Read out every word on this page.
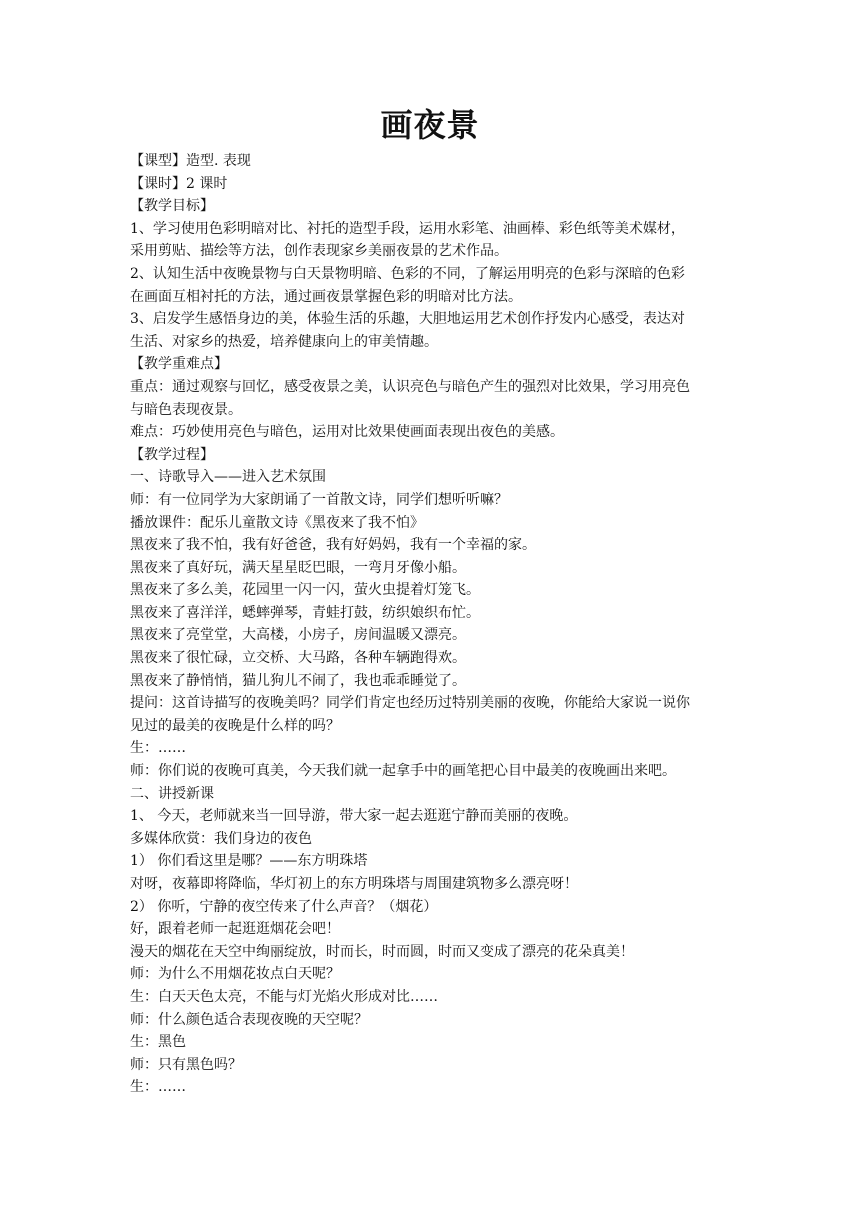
画夜景

【课型】造型. 表现

【课时】2 课时

【教学目标】

1、学习使用色彩明暗对比、衬托的造型手段，运用水彩笔、油画棒、彩色纸等美术媒材，

采用剪贴、描绘等方法，创作表现家乡美丽夜景的艺术作品。

2、认知生活中夜晚景物与白天景物明暗、色彩的不同，了解运用明亮的色彩与深暗的色彩

在画面互相衬托的方法，通过画夜景掌握色彩的明暗对比方法。

3、启发学生感悟身边的美，体验生活的乐趣，大胆地运用艺术创作抒发内心感受，表达对

生活、对家乡的热爱，培养健康向上的审美情趣。

【教学重难点】

重点：通过观察与回忆，感受夜景之美，认识亮色与暗色产生的强烈对比效果，学习用亮色

与暗色表现夜景。

难点：巧妙使用亮色与暗色，运用对比效果使画面表现出夜色的美感。

【教学过程】

一、诗歌导入——进入艺术氛围

师：有一位同学为大家朗诵了一首散文诗，同学们想听听嘛？

播放课件：配乐儿童散文诗《黑夜来了我不怕》

黑夜来了我不怕，我有好爸爸，我有好妈妈，我有一个幸福的家。

黑夜来了真好玩，满天星星眨巴眼，一弯月牙像小船。

黑夜来了多么美，花园里一闪一闪，萤火虫提着灯笼飞。

黑夜来了喜洋洋，蟋蟀弹琴，青蛙打鼓，纺织娘织布忙。

黑夜来了亮堂堂，大高楼，小房子，房间温暖又漂亮。

黑夜来了很忙碌，立交桥、大马路，各种车辆跑得欢。

黑夜来了静悄悄，猫儿狗儿不闹了，我也乖乖睡觉了。

提问：这首诗描写的夜晚美吗？同学们肯定也经历过特别美丽的夜晚，你能给大家说一说你

见过的最美的夜晚是什么样的吗？

生：……

师：你们说的夜晚可真美，今天我们就一起拿手中的画笔把心目中最美的夜晚画出来吧。

二、讲授新课

1、 今天，老师就来当一回导游，带大家一起去逛逛宁静而美丽的夜晚。

多媒体欣赏：我们身边的夜色

1） 你们看这里是哪？——东方明珠塔

对呀，夜幕即将降临，华灯初上的东方明珠塔与周围建筑物多么漂亮呀！

2） 你听，宁静的夜空传来了什么声音？（烟花）

好，跟着老师一起逛逛烟花会吧！

漫天的烟花在天空中绚丽绽放，时而长，时而圆，时而又变成了漂亮的花朵真美！

师：为什么不用烟花妆点白天呢？

生：白天天色太亮，不能与灯光焰火形成对比……

师：什么颜色适合表现夜晚的天空呢？

生：黑色

师：只有黑色吗？

生：……
